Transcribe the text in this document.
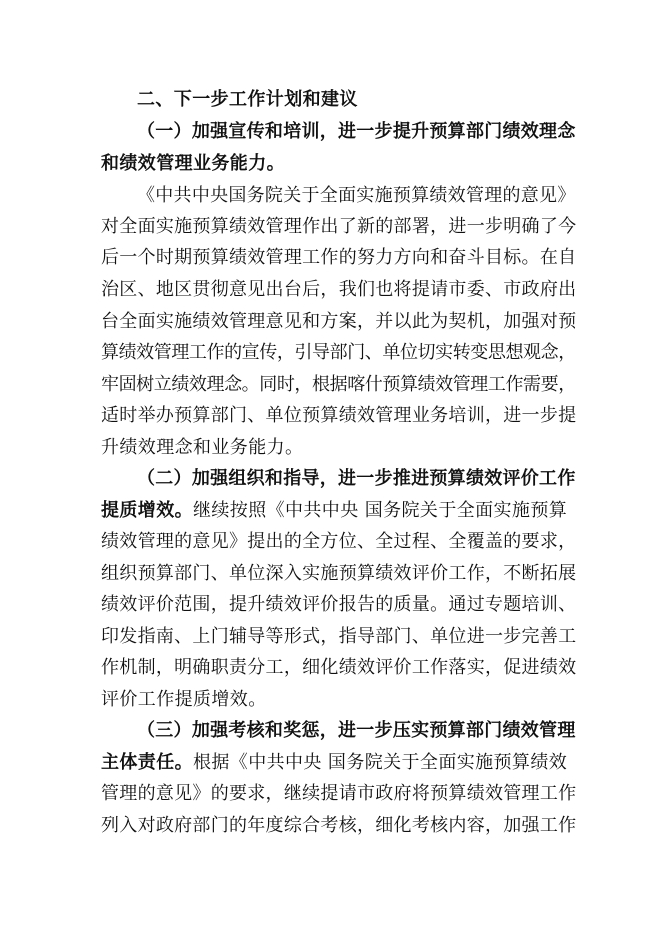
二、下一步工作计划和建议
（一）加强宣传和培训，进一步提升预算部门绩效理念
和绩效管理业务能力。
《中共中央国务院关于全面实施预算绩效管理的意见》
对全面实施预算绩效管理作出了新的部署，进一步明确了今
后一个时期预算绩效管理工作的努力方向和奋斗目标。在自
治区、地区贯彻意见出台后，我们也将提请市委、市政府出
台全面实施绩效管理意见和方案，并以此为契机，加强对预
算绩效管理工作的宣传，引导部门、单位切实转变思想观念，
牢固树立绩效理念。同时，根据喀什预算绩效管理工作需要，
适时举办预算部门、单位预算绩效管理业务培训，进一步提
升绩效理念和业务能力。
（二）加强组织和指导，进一步推进预算绩效评价工作
提质增效。继续按照《中共中央 国务院关于全面实施预算
绩效管理的意见》提出的全方位、全过程、全覆盖的要求，
组织预算部门、单位深入实施预算绩效评价工作，不断拓展
绩效评价范围，提升绩效评价报告的质量。通过专题培训、
印发指南、上门辅导等形式，指导部门、单位进一步完善工
作机制，明确职责分工，细化绩效评价工作落实，促进绩效
评价工作提质增效。
（三）加强考核和奖惩，进一步压实预算部门绩效管理
主体责任。根据《中共中央 国务院关于全面实施预算绩效
管理的意见》的要求，继续提请市政府将预算绩效管理工作
列入对政府部门的年度综合考核，细化考核内容，加强工作
